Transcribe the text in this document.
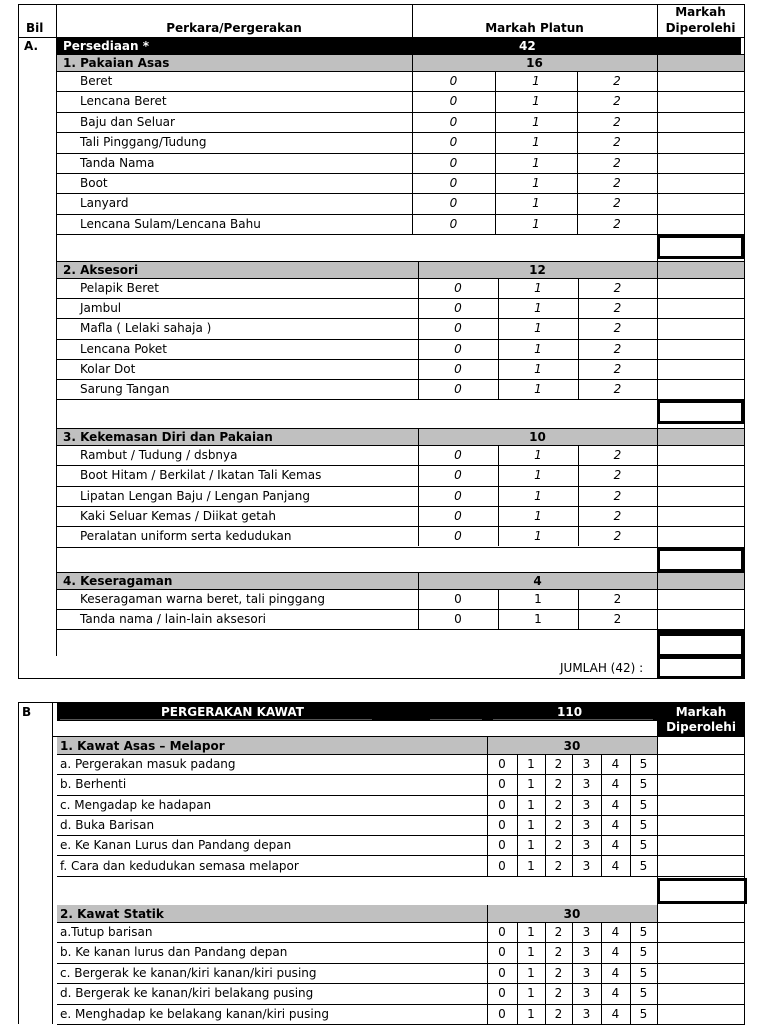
Bil	Perkara/Pergerakan	Markah Platun
Markah
Diperolehi
A. Persediaan *	42
1. Pakaian Asas	16
Beret	0	1	2
Lencana Beret	0	1	2
Baju dan Seluar	0	1	2
Tali Pinggang/Tudung	0	1	2
Tanda Nama	0	1	2
Boot	0	1	2
Lanyard	0	1	2
Lencana Sulam/Lencana Bahu	0	1	2
2. Aksesori	12
Pelapik Beret	0	1	2
Jambul	0	1	2
Mafla ( Lelaki sahaja )	0	1	2
Lencana Poket	0	1	2
Kolar Dot	0	1	2
Sarung Tangan	0	1	2
3. Kekemasan Diri dan Pakaian	10
Rambut / Tudung / dsbnya	0	1	2
Boot Hitam / Berkilat / Ikatan Tali Kemas	0	1	2
Lipatan Lengan Baju / Lengan Panjang	0	1	2
Kaki Seluar Kemas / Diikat getah	0	1	2
Peralatan uniform serta kedudukan	0	1	2
4. Keseragaman	4
Keseragaman warna beret, tali pinggang	0	1	2
Tanda nama / lain-lain aksesori	0	1	2
JUMLAH (42) :
B	PERGERAKAN KAWAT	110	Markah
Diperolehi
1. Kawat Asas – Melapor	30
a. Pergerakan masuk padang	0	1	2	3	4	5
b. Berhenti	0	1	2	3	4	5
c. Mengadap ke hadapan	0	1	2	3	4	5
d. Buka Barisan	0	1	2	3	4	5
e. Ke Kanan Lurus dan Pandang depan	0	1	2	3	4	5
f. Cara dan kedudukan semasa melapor	0	1	2	3	4	5
2. Kawat Statik	30
a.Tutup barisan	0	1	2	3	4	5
b. Ke kanan lurus dan Pandang depan	0	1	2	3	4	5
c. Bergerak ke kanan/kiri kanan/kiri pusing	0	1	2	3	4	5
d. Bergerak ke kanan/kiri belakang pusing	0	1	2	3	4	5
e. Menghadap ke belakang kanan/kiri pusing	0	1	2	3	4	5
